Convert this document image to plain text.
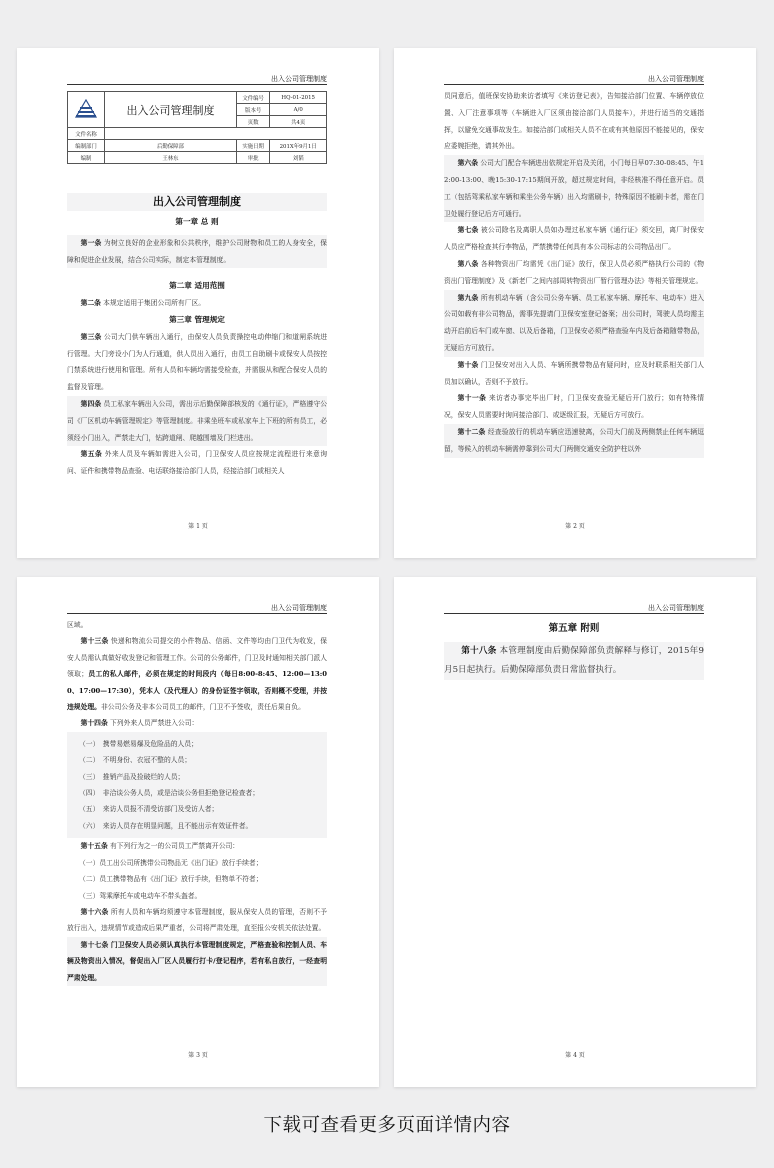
出入公司管理制度
	出入公司管理制度	文件编号	HQ-01-2015
		版本号	A/0
		页数	共4页
文件名称			
编制部门	后勤保障部	实施日期	201X年9月1日
编制	王林东	审批	刘韬
出入公司管理制度
第一章 总 则

第一条 为树立良好的企业形象和公共秩序，维护公司财物和员工的人身安全，保障和促进企业发展，结合公司实际，制定本管理制度。

第二章 适用范围

第二条 本规定适用于集团公司所有厂区。

第三章 管理规定

第三条 公司大门供车辆出入通行，由保安人员负责操控电动伸缩门和道闸系统进行管理。大门旁设小门为人行通道，供人员出入通行，由员工自助刷卡或保安人员按控门禁系统进行使用和管理。所有人员和车辆均需接受检查，并需服从和配合保安人员的监督及管理。

第四条 员工私家车辆出入公司，需出示后勤保障部核发的《通行证》，严格遵守公司《厂区机动车辆管理规定》等管理制度。非乘坐班车或私家车上下班的所有员工，必须经小门出入，严禁走大门，钻跨道闸、爬越围墙及门栏进出。

第五条 外来人员及车辆如需进入公司，门卫保安人员应按规定流程进行来意询问、证件和携带物品查验、电话联络接洽部门人员，经接洽部门或相关人

第 1 页
出入公司管理制度

员同意后，值班保安协助来访者填写《来访登记表》，告知接洽部门位置、车辆停放位置、入厂注意事项等（车辆进入厂区须由接洽部门人员接车），并进行适当的交通指挥，以避免交通事故发生。如接洽部门或相关人员不在或有其他原因不能接见的，保安应委婉拒绝，请其外出。

第六条 公司大门配合车辆进出依规定开启及关闭，小门每日早07:30-08:45、午12:00-13:00、晚15:30-17:15期间开放，超过规定时间，非经核准不得任意开启。员工（包括驾乘私家车辆和乘坐公务车辆）出入均需刷卡，特殊原因不能刷卡者，需在门卫处履行登记后方可通行。

第七条 被公司除名及离职人员如办理过私家车辆《通行证》须交回，离厂时保安人员应严格检查其行李物品，严禁携带任何具有本公司标志的公司物品出厂。

第八条 各种物资出厂均需凭《出门证》放行，保卫人员必须严格执行公司的《物资出门管理制度》及《新老厂之间内部周转物资出厂暂行管理办法》等相关管理规定。

第九条 所有机动车辆（含公司公务车辆、员工私家车辆、摩托车、电动车）进入公司如载有非公司物品，需事先提请门卫保安室登记备案；出公司时，驾驶人员均需主动开启前后车门或车窗、以及后备箱，门卫保安必须严格查验车内及后备箱随带物品，无疑后方可放行。

第十条 门卫保安对出入人员、车辆所携带物品有疑问时，应及时联系相关部门人员加以确认，否则不予放行。

第十一条 来访者办事完毕出厂时，门卫保安查验无疑后开门放行；如有特殊情况，保安人员需要时询问接洽部门、或逐级汇报，无疑后方可放行。

第十二条 经查验放行的机动车辆应迅速驶离，公司大门前及两侧禁止任何车辆逗留，等候入的机动车辆需停靠到公司大门两侧交通安全防护柱以外

第 2 页
出入公司管理制度

区域。

第十三条 快递和物流公司提交的小件物品、信函、文件等均由门卫代为收发，保安人员需认真做好收发登记和管理工作。公司的公务邮件，门卫及时通知相关部门派人领取；员工的私人邮件，必须在规定的时间段内（每日8:00-8:45、12:00—13:00、17:00—17:30），凭本人（及代理人）的身份证签字领取，否则概不受理，并按违规处理。非公司公务及非本公司员工的邮件，门卫不予签收，责任后果自负。

第十四条 下列外来人员严禁进入公司：

（一）　携带易燃易爆及危险品的人员；
（二）　不明身份、衣冠不整的人员；
（三）　推销产品及捡破烂的人员；
（四）　非洽谈公务人员，或是洽谈公务但拒绝登记检查者；
（五）　来访人员报不清受访部门及受访人者；
（六）　来访人员存在明显问题，且不能出示有效证件者。

第十五条 有下列行为之一的公司员工严禁离开公司：

（一）员工出公司所携带公司物品无《出门证》放行手续者；
（二）员工携带物品有《出门证》放行手续，但物单不符者；
（三）驾乘摩托车或电动车不带头盔者。

第十六条 所有人员和车辆均须遵守本管理制度，服从保安人员的管理，否则不予放行出入，违规情节或造成后果严重者，公司将严肃处理，直至报公安机关依法处置。

第十七条 门卫保安人员必须认真执行本管理制度规定，严格查验和控制人员、车辆及物资出入情况，督促出入厂区人员履行打卡/登记程序，若有私自放行，一经查明严肃处理。

第 3 页
出入公司管理制度
第五章 附则

第十八条 本管理制度由后勤保障部负责解释与修订，2015年9月5日起执行。后勤保障部负责日常监督执行。

第 4 页
下载可查看更多页面详情内容
